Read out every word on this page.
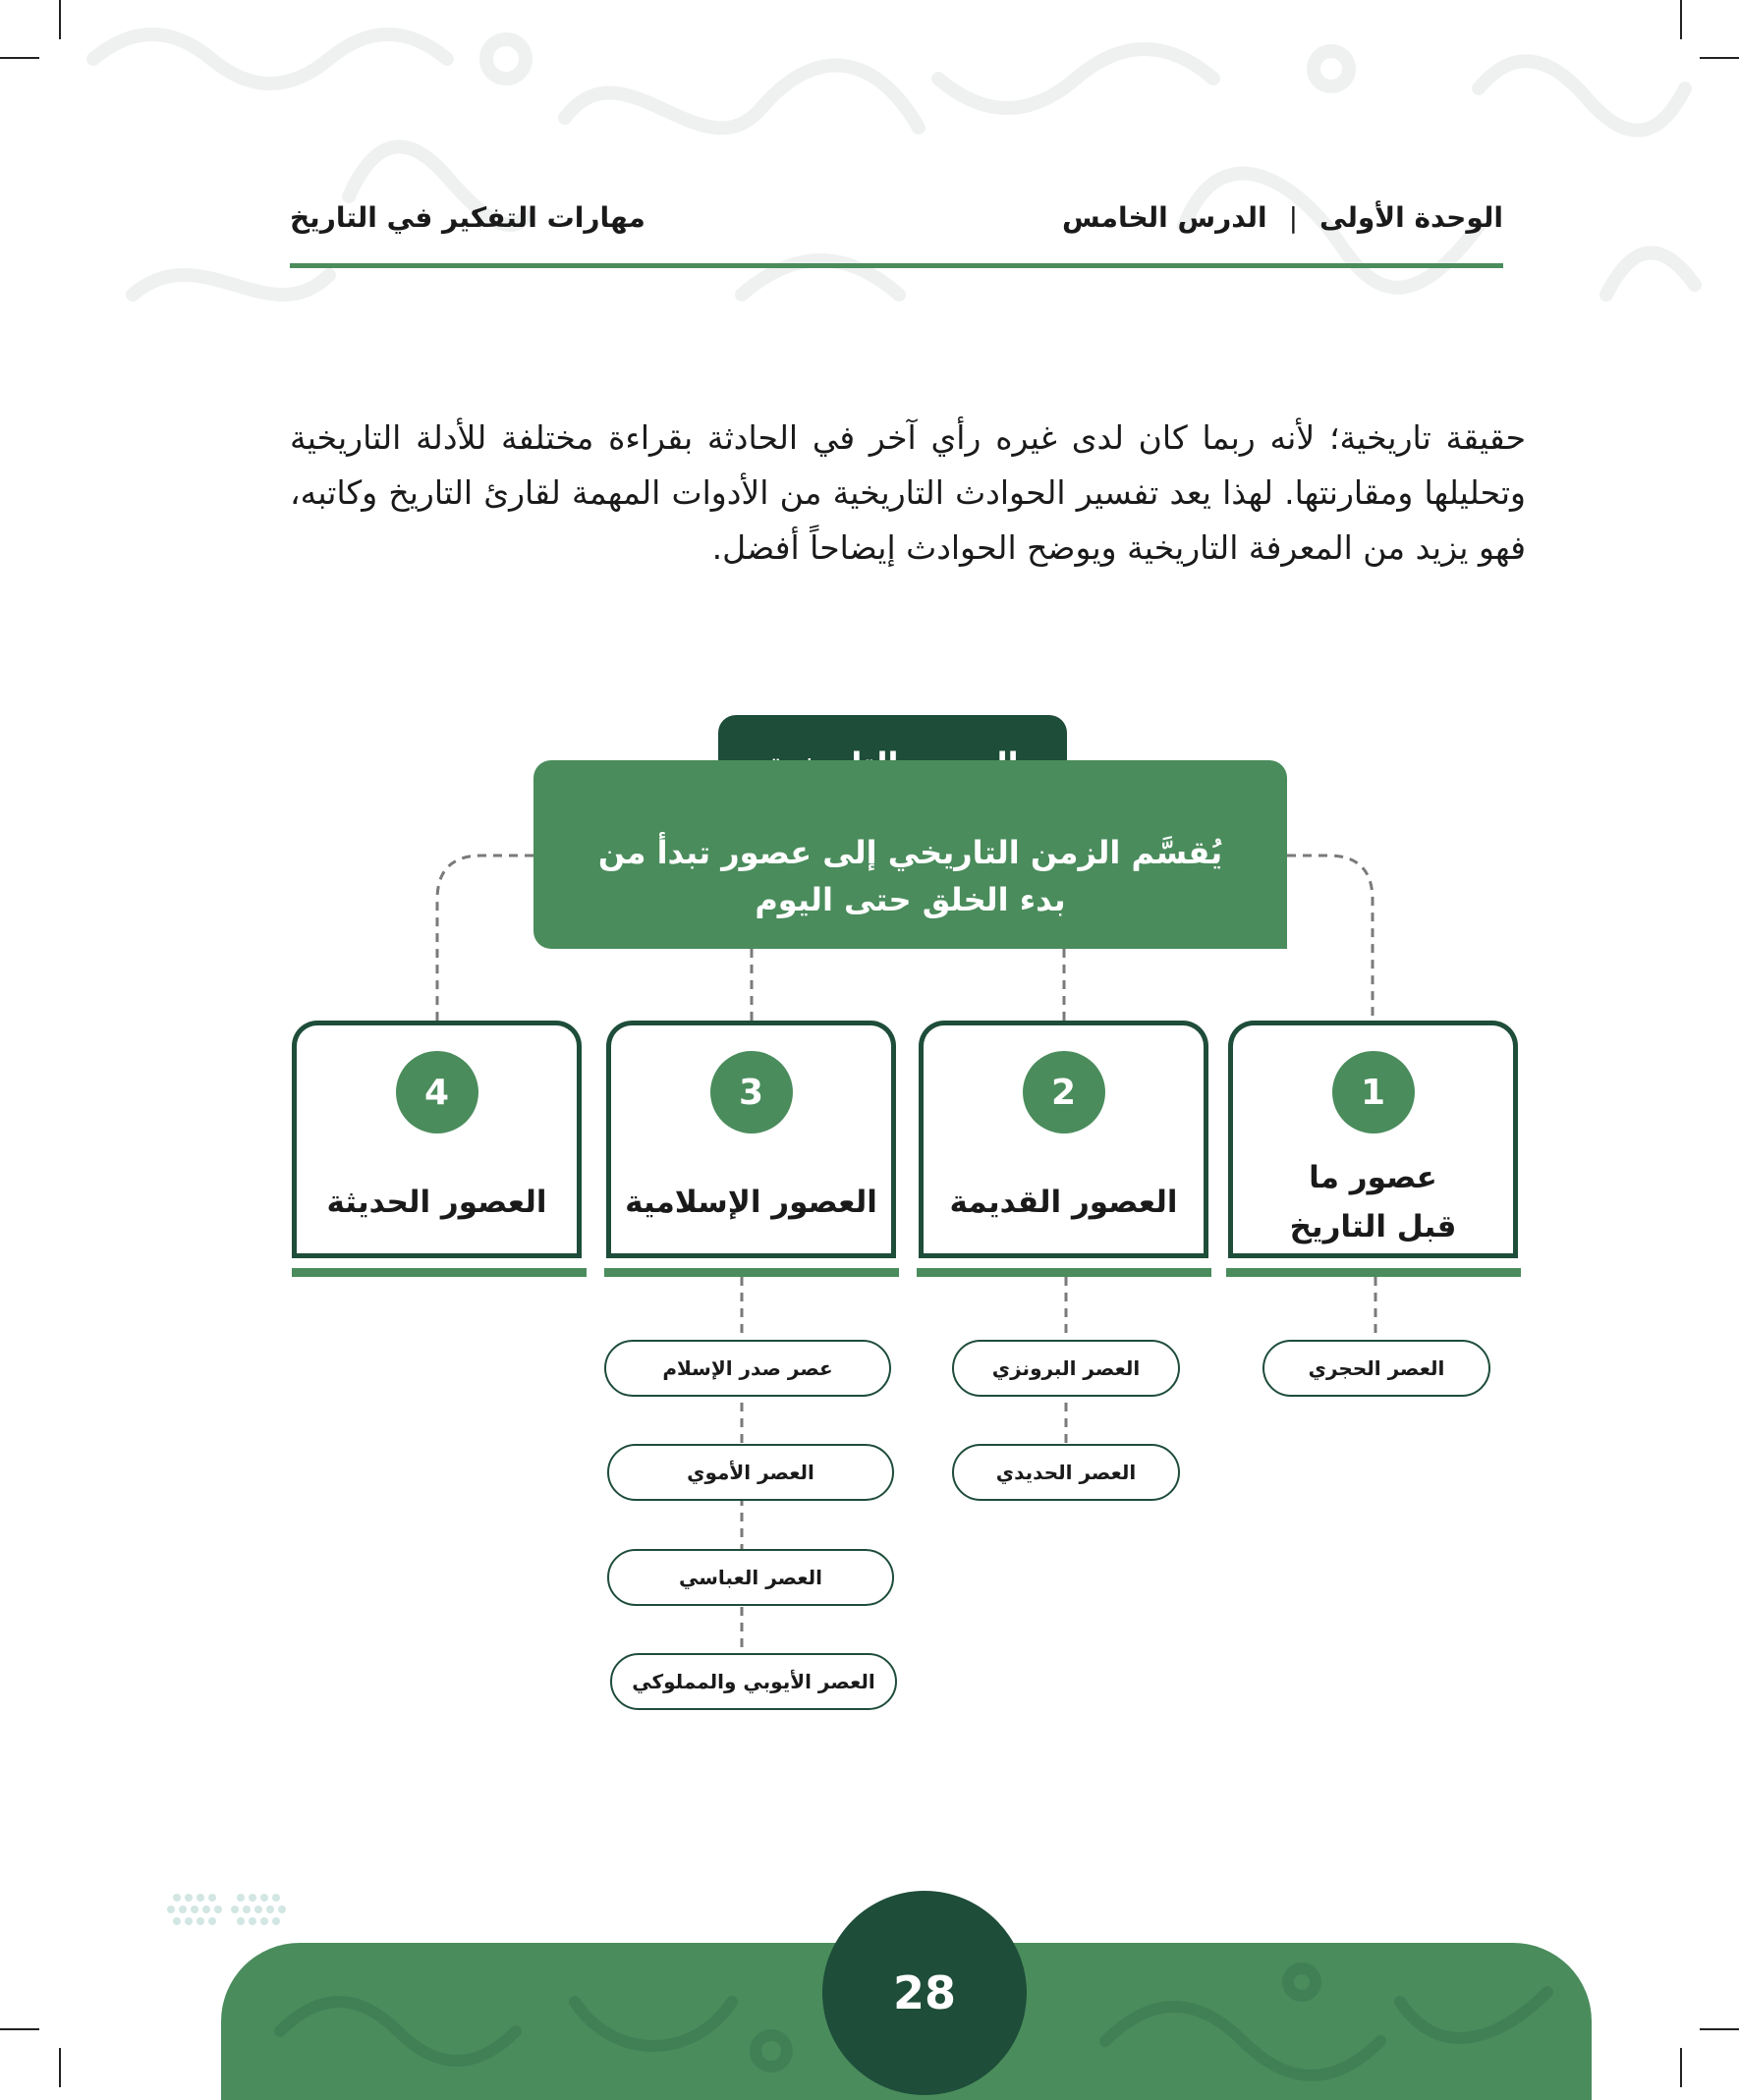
الوحدة الأولى|الدرس الخامس
مهارات التفكير في التاريخ

حقيقة تاريخية؛ لأنه ربما كان لدى غيره رأي آخر في الحادثة بقراءة مختلفة للأدلة التاريخية وتحليلها ومقارنتها. لهذا يعد تفسير الحوادث التاريخية من الأدوات المهمة لقارئ التاريخ وكاتبه، فهو يزيد من المعرفة التاريخية ويوضح الحوادث إيضاحاً أفضل.

يُقسَّم الزمن التاريخي إلى عصور تبدأ من
بدء الخلق حتى اليوم
1
عصور ما قبل التاريخ
2
العصور القديمة
3
العصور الإسلامية
4
العصور الحديثة
العصر الحجري
العصر البرونزي
العصر الحديدي
عصر صدر الإسلام
العصر الأموي
العصر العباسي
العصر الأيوبي والمملوكي
28
